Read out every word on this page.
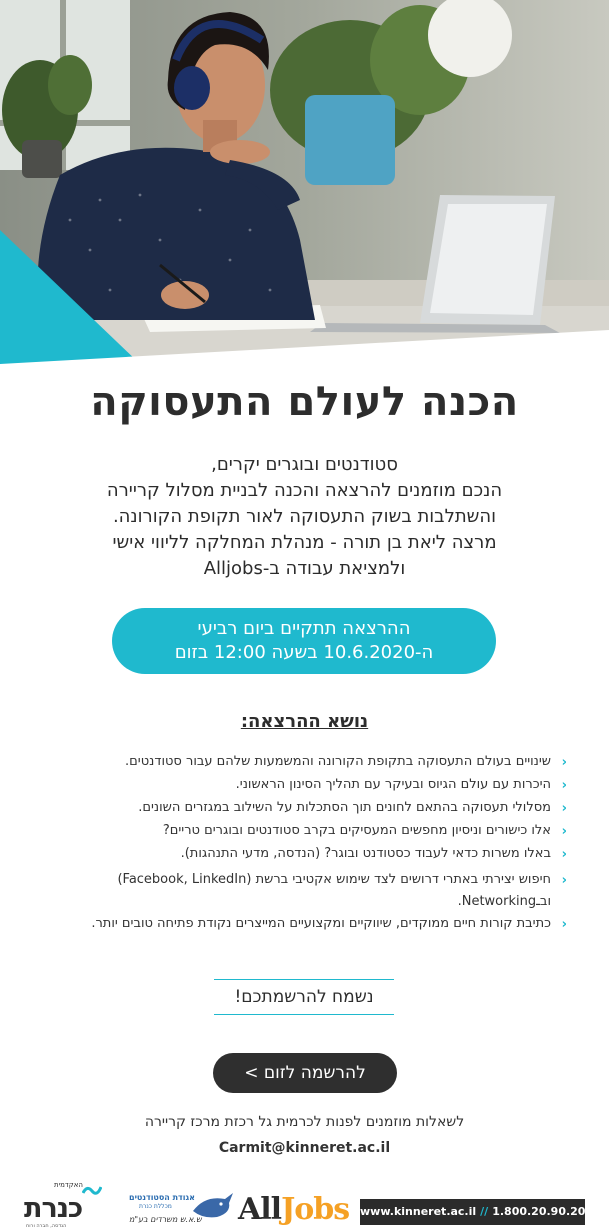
הכנה לעולם התעסוקה
סטודנטים ובוגרים יקרים,
הנכם מוזמנים להרצאה והכנה לבניית מסלול קריירה
והשתלבות בשוק התעסוקה לאור תקופת הקורונה.
מרצה ליאת בן תורה - מנהלת המחלקה לליווי אישי
ולמציאת עבודה ב-Alljobs
ההרצאה תתקיים ביום רביעי
ה-10.6.2020 בשעה 12:00 בזום
נושא ההרצאה:
‹
שינויים בעולם התעסוקה בתקופת הקורונה והמשמעות שלהם עבור סטודנטים.
‹
היכרות עם עולם הגיוס ובעיקר עם תהליך הסינון הראשוני.
‹
מסלולי תעסוקה בהתאם לחונים תוך הסתכלות על השילוב במגזרים השונים.
‹
אלו כישורים וניסיון מחפשים המעסיקים בקרב סטודנטים ובוגרים טריים?
‹
באלו משרות כדאי לעבוד כסטודנט ובוגר? (הנדסה, מדעי התנהגות).
‹
חיפוש יצירתי באתרי דרושים לצד שימוש אקטיבי ברשת (Facebook, LinkedIn)
ובـNetworking.
‹
כתיבת קורות חיים ממוקדים, שיווקיים ומקצועיים המייצרים נקודת פתיחה טובים יותר.
נשמח להרשמתכם!
להרשמה לזום >
לשאלות מוזמנים לפנות לכרמית גל רכזת מרכז קריירה
Carmit@kinneret.ac.il
האקדמית
כנרת
הנדסה, חברה ורוח
אגודת הסטודנטים
מכללת כנרת
ש.א.ש משרדים בע"מ AllJobs www.kinneret.ac.il // 1.800.20.90.20
